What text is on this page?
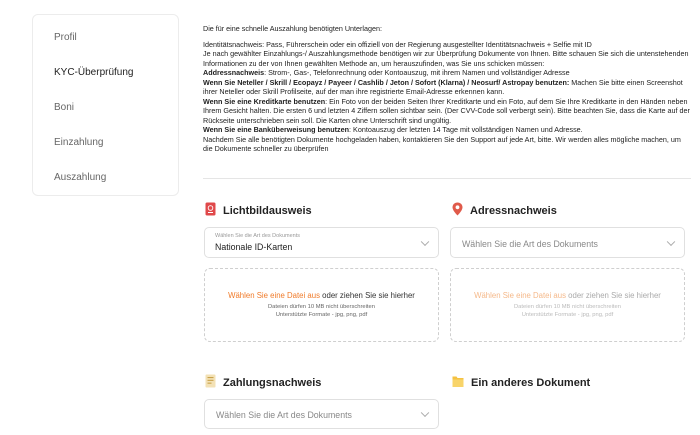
Profil
KYC-Überprüfung
Boni
Einzahlung
Auszahlung

Die für eine schnelle Auszahlung benötigten Unterlagen:

Identitätsnachweis: Pass, Führerschein oder ein offiziell von der Regierung ausgestellter Identitätsnachweis + Selfie mit ID

Je nach gewählter Einzahlungs-/ Auszahlungsmethode benötigen wir zur Überprüfung Dokumente von Ihnen. Bitte schauen Sie sich die untenstehenden Informationen zu der von Ihnen gewählten Methode an, um herauszufinden, was Sie uns schicken müssen:

Addressnachweis: Strom-, Gas-, Telefonrechnung oder Kontoauszug, mit ihrem Namen und vollständiger Adresse

Wenn Sie Neteller / Skrill / Ecopayz / Payeer / Cashlib / Jeton / Sofort (Klarna) / Neosurf/ Astropay benutzen: Machen Sie bitte einen Screenshot ihrer Neteller oder Skrill Profilseite, auf der man ihre registrierte Email-Adresse erkennen kann.

Wenn Sie eine Kreditkarte benutzen: Ein Foto von der beiden Seiten Ihrer Kreditkarte und ein Foto, auf dem Sie Ihre Kreditkarte in den Händen neben Ihrem Gesicht halten. Die ersten 6 und letzten 4 Ziffern sollen sichtbar sein. (Der CVV-Code soll verbergt sein). Bitte beachten Sie, dass die Karte auf der Rückseite unterschrieben sein soll. Die Karten ohne Unterschrift sind ungültig.

Wenn Sie eine Banküberweisung benutzen: Kontoauszug der letzten 14 Tage mit vollständigen Namen und Adresse.

Nachdem Sie alle benötigten Dokumente hochgeladen haben, kontaktieren Sie den Support auf jede Art, bitte. Wir werden alles mögliche machen, um die Dokumente schneller zu überprüfen

Lichtbildausweis
Wählen Sie die Art des Dokuments
Nationale ID-Karten
Wählen Sie eine Datei aus oder ziehen Sie sie hierher
Dateien dürfen 10 MB nicht überschreiten
Unterstützte Formate - jpg, png, pdf
Adressnachweis
Wählen Sie die Art des Dokuments
Wählen Sie eine Datei aus oder ziehen Sie sie hierher
Dateien dürfen 10 MB nicht überschreiten
Unterstützte Formate - jpg, png, pdf
Zahlungsnachweis
Wählen Sie die Art des Dokuments
Ein anderes Dokument
